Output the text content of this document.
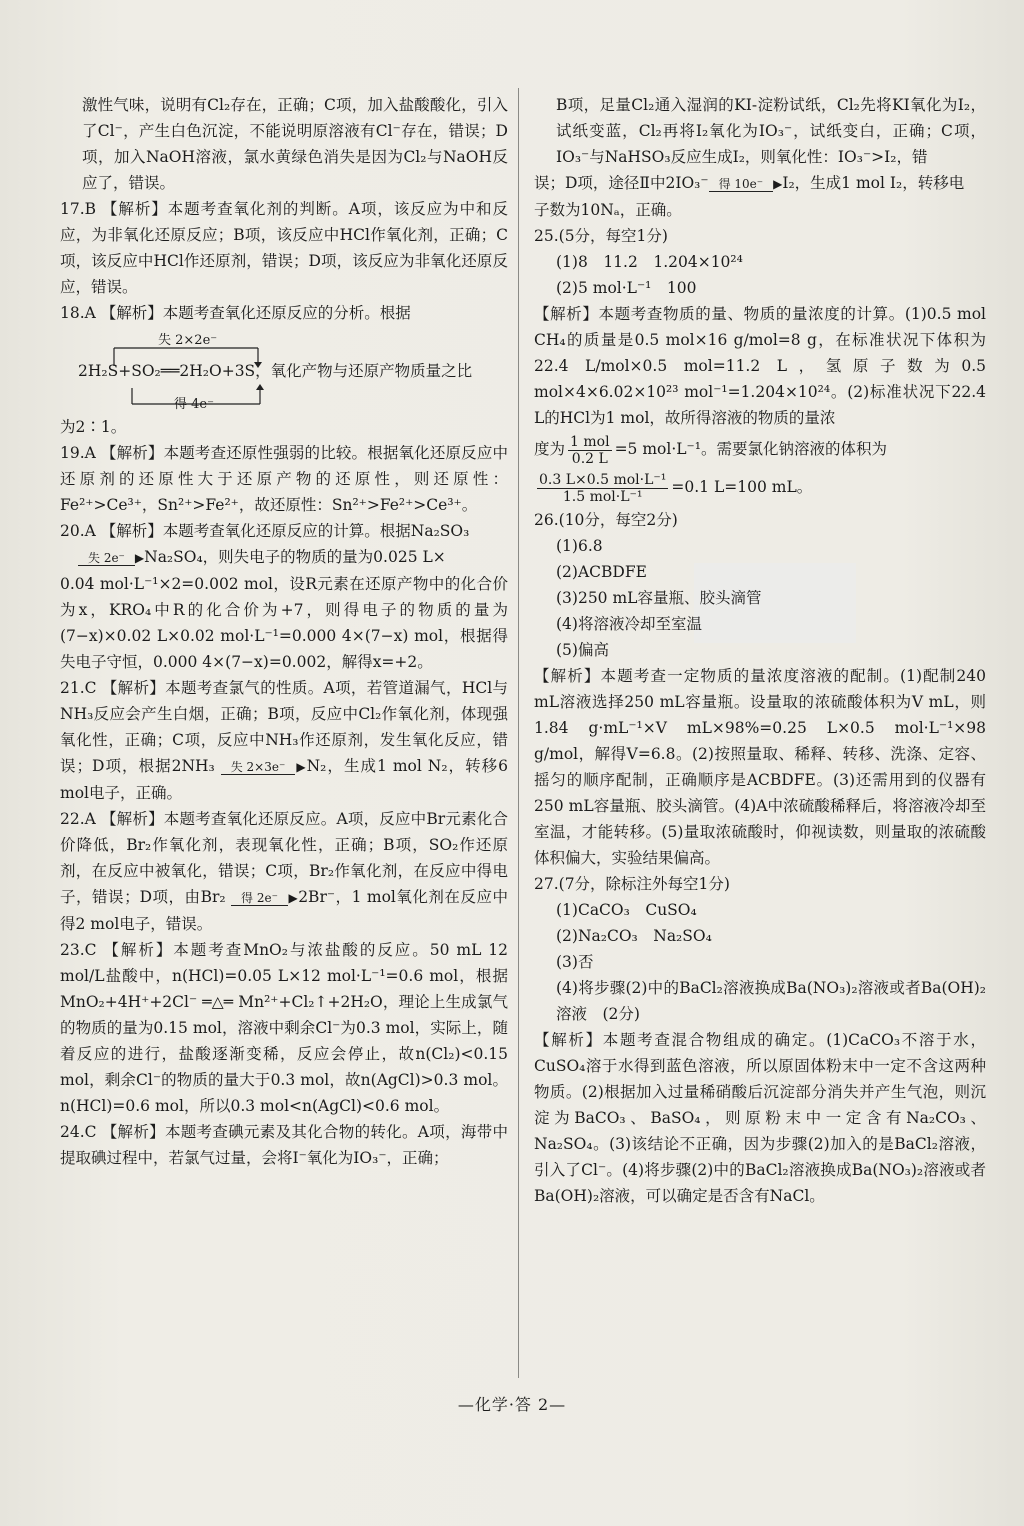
激性气味，说明有Cl₂存在，正确；C项，加入盐酸酸化，引入了Cl⁻，产生白色沉淀，不能说明原溶液有Cl⁻存在，错误；D项，加入NaOH溶液，氯水黄绿色消失是因为Cl₂与NaOH反应了，错误。
17.B 【解析】本题考查氧化剂的判断。A项，该反应为中和反应，为非氧化还原反应；B项，该反应中HCl作氧化剂，正确；C项，该反应中HCl作还原剂，错误；D项，该反应为非氧化还原反应，错误。
18.A 【解析】本题考查氧化还原反应的分析。根据
失 2×2e⁻
2H₂S+SO₂══2H₂O+3S，氧化产物与还原产物质量之比
得 4e⁻
为2∶1。
19.A 【解析】本题考查还原性强弱的比较。根据氧化还原反应中还原剂的还原性大于还原产物的还原性，则还原性：Fe²⁺>Ce³⁺，Sn²⁺>Fe²⁺，故还原性：Sn²⁺>Fe²⁺>Ce³⁺。
20.A 【解析】本题考查氧化还原反应的计算。根据Na₂SO₃
失 2e⁻ ▶Na₂SO₄，则失电子的物质的量为0.025 L×
0.04 mol·L⁻¹×2=0.002 mol，设R元素在还原产物中的化合价为x，KRO₄中R的化合价为+7，则得电子的物质的量为(7−x)×0.02 L×0.02 mol·L⁻¹=0.000 4×(7−x) mol，根据得失电子守恒，0.000 4×(7−x)=0.002，解得x=+2。
21.C 【解析】本题考查氯气的性质。A项，若管道漏气，HCl与NH₃反应会产生白烟，正确；B项，反应中Cl₂作氧化剂，体现强氧化性，正确；C项，反应中NH₃作还原剂，发生氧化反应，错误；D项，根据2NH₃ 失 2×3e⁻ ▶N₂，生成1 mol N₂，转移6 mol电子，正确。
22.A 【解析】本题考查氧化还原反应。A项，反应中Br元素化合价降低，Br₂作氧化剂，表现氧化性，正确；B项，SO₂作还原剂，在反应中被氧化，错误；C项，Br₂作氧化剂，在反应中得电子，错误；D项，由Br₂ 得 2e⁻ ▶2Br⁻，1 mol氧化剂在反应中得2 mol电子，错误。
23.C 【解析】本题考查MnO₂与浓盐酸的反应。50 mL 12 mol/L盐酸中，n(HCl)=0.05 L×12 mol·L⁻¹=0.6 mol，根据MnO₂+4H⁺+2Cl⁻ ═△═ Mn²⁺+Cl₂↑+2H₂O，理论上生成氯气的物质的量为0.15 mol，溶液中剩余Cl⁻为0.3 mol，实际上，随着反应的进行，盐酸逐渐变稀，反应会停止，故n(Cl₂)<0.15 mol，剩余Cl⁻的物质的量大于0.3 mol，故n(AgCl)>0.3 mol。n(HCl)=0.6 mol，所以0.3 mol<n(AgCl)<0.6 mol。
24.C 【解析】本题考查碘元素及其化合物的转化。A项，海带中提取碘过程中，若氯气过量，会将I⁻氧化为IO₃⁻，正确；
B项，足量Cl₂通入湿润的KI-淀粉试纸，Cl₂先将KI氧化为I₂，试纸变蓝，Cl₂再将I₂氧化为IO₃⁻，试纸变白，正确；C项，IO₃⁻与NaHSO₃反应生成I₂，则氧化性：IO₃⁻>I₂，错
误；D项，途径Ⅱ中2IO₃⁻ 得 10e⁻ ▶I₂，生成1 mol I₂，转移电
子数为10Nₐ，正确。
25.(5分，每空1分)
(1)8　11.2　1.204×10²⁴
(2)5 mol·L⁻¹　100
【解析】本题考查物质的量、物质的量浓度的计算。(1)0.5 mol CH₄的质量是0.5 mol×16 g/mol=8 g，在标准状况下体积为22.4 L/mol×0.5 mol=11.2 L，氢原子数为0.5 mol×4×6.02×10²³ mol⁻¹=1.204×10²⁴。(2)标准状况下22.4 L的HCl为1 mol，故所得溶液的物质的量浓
度为 $\frac{\text{1 mol}}{0.2 L} =5$ mol·L⁻¹。需要氯化钠溶液的体积为
$\frac{\text{0.3 L×0.5 mol·L⁻¹}}{\text{1.5 mol·L⁻¹}} =0.1$ L=100 mL。
26.(10分，每空2分)
(1)6.8
(2)ACBDFE
(3)250 mL容量瓶、胶头滴管
(4)将溶液冷却至室温
(5)偏高
【解析】本题考查一定物质的量浓度溶液的配制。(1)配制240 mL溶液选择250 mL容量瓶。设量取的浓硫酸体积为V mL，则1.84 g·mL⁻¹×V mL×98%=0.25 L×0.5 mol·L⁻¹×98 g/mol，解得V=6.8。(2)按照量取、稀释、转移、洗涤、定容、摇匀的顺序配制，正确顺序是ACBDFE。(3)还需用到的仪器有250 mL容量瓶、胶头滴管。(4)A中浓硫酸稀释后，将溶液冷却至室温，才能转移。(5)量取浓硫酸时，仰视读数，则量取的浓硫酸体积偏大，实验结果偏高。
27.(7分，除标注外每空1分)
(1)CaCO₃　CuSO₄
(2)Na₂CO₃　Na₂SO₄
(3)否
(4)将步骤(2)中的BaCl₂溶液换成Ba(NO₃)₂溶液或者Ba(OH)₂溶液　(2分)
【解析】本题考查混合物组成的确定。(1)CaCO₃不溶于水，CuSO₄溶于水得到蓝色溶液，所以原固体粉末中一定不含这两种物质。(2)根据加入过量稀硝酸后沉淀部分消失并产生气泡，则沉淀为BaCO₃、BaSO₄，则原粉末中一定含有Na₂CO₃、Na₂SO₄。(3)该结论不正确，因为步骤(2)加入的是BaCl₂溶液，引入了Cl⁻。(4)将步骤(2)中的BaCl₂溶液换成Ba(NO₃)₂溶液或者Ba(OH)₂溶液，可以确定是否含有NaCl。
—化学·答 2—
